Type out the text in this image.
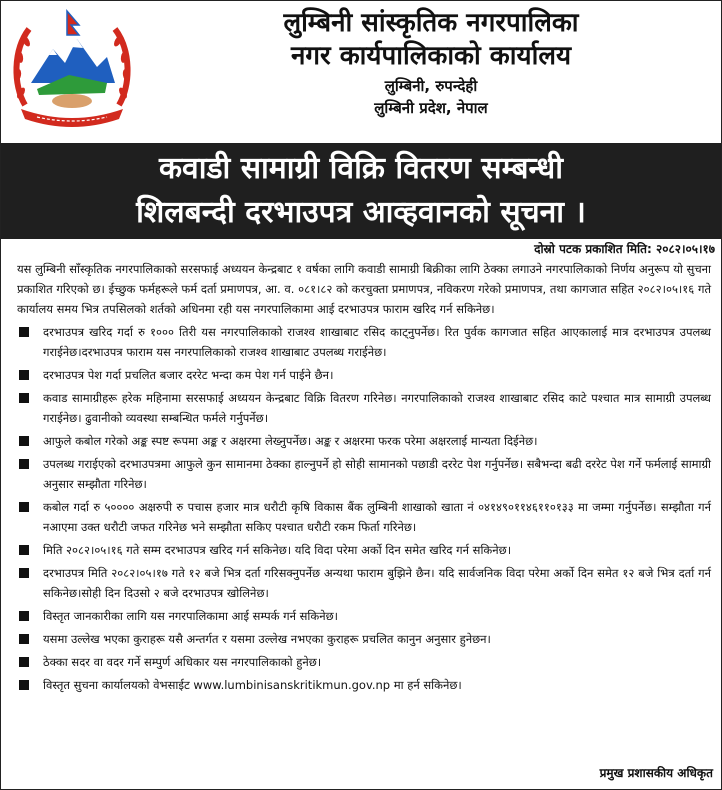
लुम्बिनी सांस्कृतिक नगरपालिका
नगर कार्यपालिकाको कार्यालय
लुम्बिनी, रुपन्देही
लुम्बिनी प्रदेश, नेपाल
कवाडी सामाग्री विक्रि वितरण सम्बन्धी
शिलबन्दी दरभाउपत्र आव्हवानको सूचना ।
दोस्रो पटक प्रकाशित मिति: २०८२।०५।१७
यस लुम्बिनी साँस्कृतिक नगरपालिकाको सरसफाई अध्ययन केन्द्रबाट १ वर्षका लागि कवाडी सामाग्री बिक्रीका लागि ठेक्का लगाउने नगरपालिकाको निर्णय अनुरूप यो सुचना प्रकाशित गरिएको छ। ईच्छुक फर्महरूले फर्म दर्ता प्रमाणपत्र, आ. व. ०८१।८२ को करचुक्ता प्रमाणपत्र, नविकरण गरेको प्रमाणपत्र, तथा कागजात सहित २०८२।०५।१६ गते कार्यालय समय भित्र तपसिलको शर्तको अधिनमा रही यस नगरपालिकामा आई दरभाउपत्र फाराम खरिद गर्न सकिनेछ।
दरभाउपत्र खरिद गर्दा रु १००० तिरी यस नगरपालिकाको राजश्व शाखाबाट रसिद काट्नुपर्नेछ। रित पुर्वक कागजात सहित आएकालाई मात्र दरभाउपत्र उपलब्ध गराईनेछ।दरभाउपत्र फाराम यस नगरपालिकाको राजश्व शाखाबाट उपलब्ध गराईनेछ।
दरभाउपत्र पेश गर्दा प्रचलित बजार दररेट भन्दा कम पेश गर्न पाईने छैन।
कवाड सामाग्रीहरू हरेक महिनामा सरसफाई अध्ययन केन्द्रबाट विक्रि वितरण गरिनेछ। नगरपालिकाको राजश्व शाखाबाट रसिद काटे पश्चात मात्र सामाग्री उपलब्ध गराईनेछ। ढुवानीको व्यवस्था सम्बन्धित फर्मले गर्नुपर्नेछ।
आफुले कबोल गरेको अङ्क स्पष्ट रूपमा अङ्क र अक्षरमा लेख्नुपर्नेछ। अङ्क र अक्षरमा फरक परेमा अक्षरलाई मान्यता दिईनेछ।
उपलब्ध गराईएको दरभाउपत्रमा आफुले कुन सामानमा ठेक्का हाल्नुपर्ने हो सोही सामानको पछाडी दररेट पेश गर्नुपर्नेछ। सबैभन्दा बढी दररेट पेश गर्ने फर्मलाई सामाग्री अनुसार सम्झौता गरिनेछ।
कबोल गर्दा रु ५०००० अक्षरुपी रु पचास हजार मात्र धरौटी कृषि विकास बैंक लुम्बिनी शाखाको खाता नं ०४१४९०११४६११०१३३ मा जम्मा गर्नुपर्नेछ। सम्झौता गर्न नआएमा उक्त धरौटी जफत गरिनेछ भने सम्झौता सकिए पश्चात धरौटी रकम फिर्ता गरिनेछ।
मिति २०८२।०५।१६ गते सम्म दरभाउपत्र खरिद गर्न सकिनेछ। यदि विदा परेमा अर्को दिन समेत खरिद गर्न सकिनेछ।
दरभाउपत्र मिति २०८२।०५।१७ गते १२ बजे भित्र दर्ता गरिसक्नुपर्नेछ अन्यथा फाराम बुझिने छैन। यदि सार्वजनिक विदा परेमा अर्को दिन समेत १२ बजे भित्र दर्ता गर्न सकिनेछ।सोही दिन दिउसो २ बजे दरभाउपत्र खोलिनेछ।
विस्तृत जानकारीका लागि यस नगरपालिकामा आई सम्पर्क गर्न सकिनेछ।
यसमा उल्लेख भएका कुराहरू यसै अन्तर्गत र यसमा उल्लेख नभएका कुराहरू प्रचलित कानुन अनुसार हुनेछन।
ठेक्का सदर वा वदर गर्ने सम्पुर्ण अधिकार यस नगरपालिकाको हुनेछ।
विस्तृत सुचना कार्यालयको वेभसाईट www.lumbinisanskritikmun.gov.np मा हर्न सकिनेछ।
प्रमुख प्रशासकीय अधिकृत
